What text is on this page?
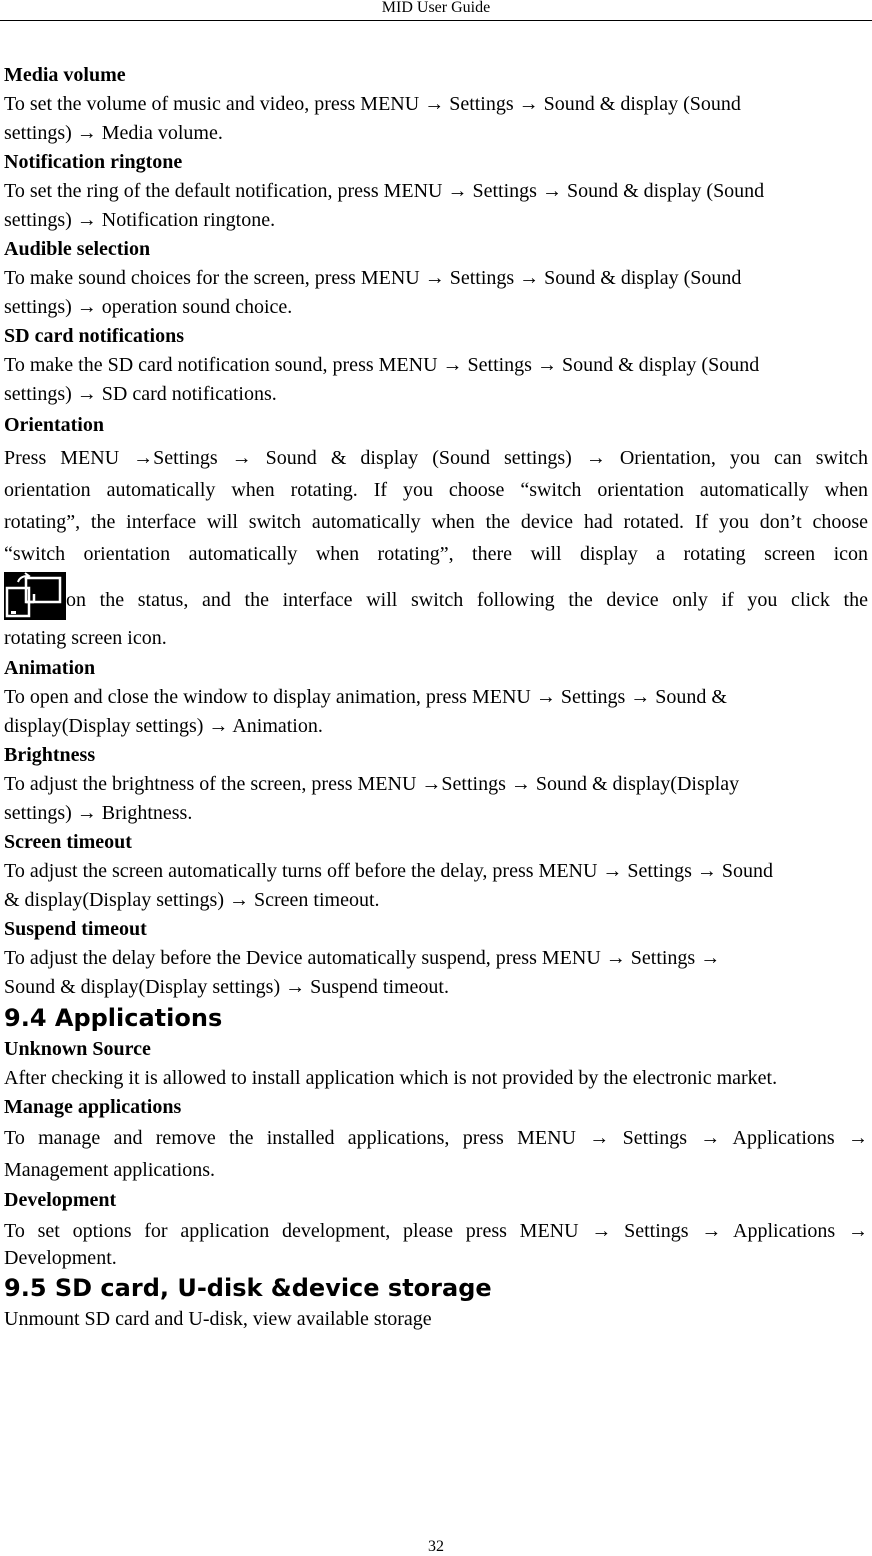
MID User Guide

Media volume

To set the volume of music and video, press MENU → Settings → Sound & display (Sound

settings) → Media volume.

Notification ringtone

To set the ring of the default notification, press MENU → Settings → Sound & display (Sound

settings) → Notification ringtone.

Audible selection

To make sound choices for the screen, press MENU → Settings → Sound & display (Sound

settings) → operation sound choice.

SD card notifications

To make the SD card notification sound, press MENU → Settings → Sound & display (Sound

settings) → SD card notifications.

Orientation

Press MENU →Settings → Sound & display (Sound settings) → Orientation, you can switch

orientation automatically when rotating. If you choose “switch orientation automatically when

rotating”, the interface will switch automatically when the device had rotated. If you don’t choose

“switch orientation automatically when rotating”, there will display a rotating screen icon

on the status, and the interface will switch following the device only if you click the

rotating screen icon.

Animation

To open and close the window to display animation, press MENU → Settings → Sound &

display(Display settings) → Animation.

Brightness

To adjust the brightness of the screen, press MENU →Settings → Sound & display(Display

settings) → Brightness.

Screen timeout

To adjust the screen automatically turns off before the delay, press MENU → Settings → Sound

& display(Display settings) → Screen timeout.

Suspend timeout

To adjust the delay before the Device automatically suspend, press MENU → Settings →

Sound & display(Display settings) → Suspend timeout.

9.4 Applications

Unknown Source

After checking it is allowed to install application which is not provided by the electronic market.

Manage applications

To manage and remove the installed applications, press MENU → Settings → Applications →

Management applications.

Development

To set options for application development, please press MENU → Settings → Applications →

Development.

9.5 SD card, U-disk &device storage

Unmount SD card and U-disk, view available storage

32
